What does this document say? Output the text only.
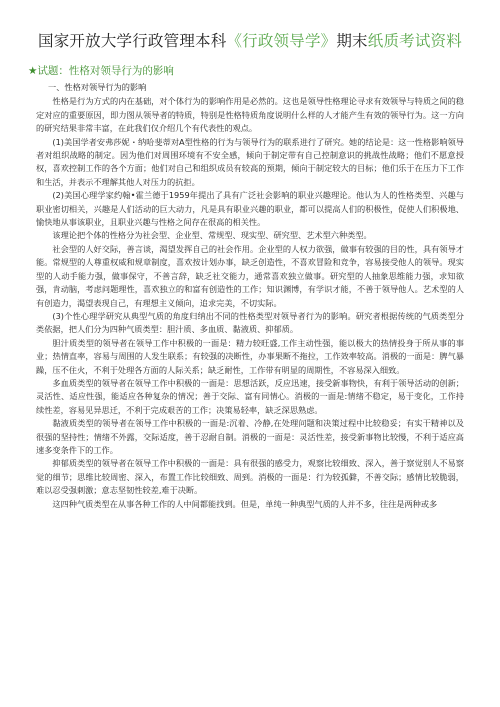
国家开放大学行政管理本科《行政领导学》期末纸质考试资料
★试题：性格对领导行为的影响
一、性格对领导行为的影响

性格是行为方式的内在基础，对个体行为的影响作用是必然的。这也是领导性格理论寻求有效领导与特质之间的稳定对应的重要原因，即力图从领导者的特质，特别是性格特质角度说明什么样的人才能产生有效的领导行为。这一方向的研究结果非常丰富，在此我们仅介绍几个有代表性的观点。

(1)美国学者安弗莎妮・纳哈斐蒂对A型性格的行为与领导行为的联系进行了研究。她的结论是：这一性格影响领导者对组织战略的制定。因为他们对周围环境有不安全感，倾向于制定带有自己控制意识的挑战性战略；他们不愿意授权，喜欢控制工作的各个方面；他们对自己和组织成员有较高的预期，倾向于制定较大的目标；他们乐于在压力下工作和生活，并表示不理解其他人对压力的抗拒。

(2)美国心理学家约翰•霍兰德于1959年提出了具有广泛社会影响的职业兴趣理论。他认为人的性格类型、兴趣与职业密切相关，兴趣是人们活动的巨大动力，凡是具有职业兴趣的职业，都可以提高人们的积极性，促使人们积极地、愉快地从事该职业，且职业兴趣与性格之间存在很高的相关性。

该理论把个体的性格分为社会型、企业型、常规型、现实型、研究型、艺术型六种类型。

社会型的人好交际，善言谈，渴望发挥自己的社会作用。企业型的人权力欲强，做事有较强的目的性，具有领导才能。常规型的人尊重权威和规章制度，喜欢按计划办事，缺乏创造性，不喜欢冒险和竞争，容易接受他人的领导。现实型的人动手能力强，做事保守，不善言辞，缺乏社交能力，通常喜欢独立做事。研究型的人抽象思维能力强，求知欲强，肯动脑，考虑问题理性，喜欢独立的和富有创造性的工作；知识渊博，有学识才能，不善于领导他人。艺术型的人有创造力，渴望表现自己，有理想主义倾向，追求完美，不切实际。

(3)个性心理学研究从典型气质的角度归纳出不同的性格类型对领导者行为的影响。研究者根据传统的气质类型分类依据，把人们分为四种气质类型：胆汁质、多血质、黏液质、抑郁质。

胆汁质类型的领导者在领导工作中积极的一面是：精力较旺盛,工作主动性强，能以极大的热情投身于所从事的事业；热情直率，容易与周围的人发生联系；有较强的决断性，办事果断不拖拉，工作效率较高。消极的一面是：脾气暴躁，压不住火，不利于处理各方面的人际关系；缺乏耐性，工作带有明显的周期性，不容易深入细致。

多血质类型的领导者在领导工作中积极的一面是：思想活跃，反应迅速，接受新事物快，有利于领导活动的创新；灵活性、适应性强，能适应各种复杂的情况；善于交际、富有同情心。消极的一面是:情绪不稳定，易于变化，工作持续性差，容易见异思迁，不利于完成艰苦的工作；决策易轻率，缺乏深思熟虑。

黏液质类型的领导者在领导工作中积极的一面是:沉着、冷静,在处理问题和决策过程中比较稳妥；有实干精神以及很强的坚持性；情绪不外露，交际适度，善于忍耐自制。消极的一面是：灵活性差，接受新事物比较慢，不利于适应高速多变条件下的工作。

抑郁质类型的领导者在领导工作中积极的一面是：具有很强的感受力，观察比较细致、深入，善于察觉别人不易察觉的细节；思维比较周密、深入，布置工作比较细致、周到。消极的一面是：行为较孤僻，不善交际；感情比较脆弱，难以忍受强刺激；意志坚韧性较差,难于决断。

这四种气质类型在从事各种工作的人中间都能找到。但是，单纯一种典型气质的人并不多，往往是两种或多
